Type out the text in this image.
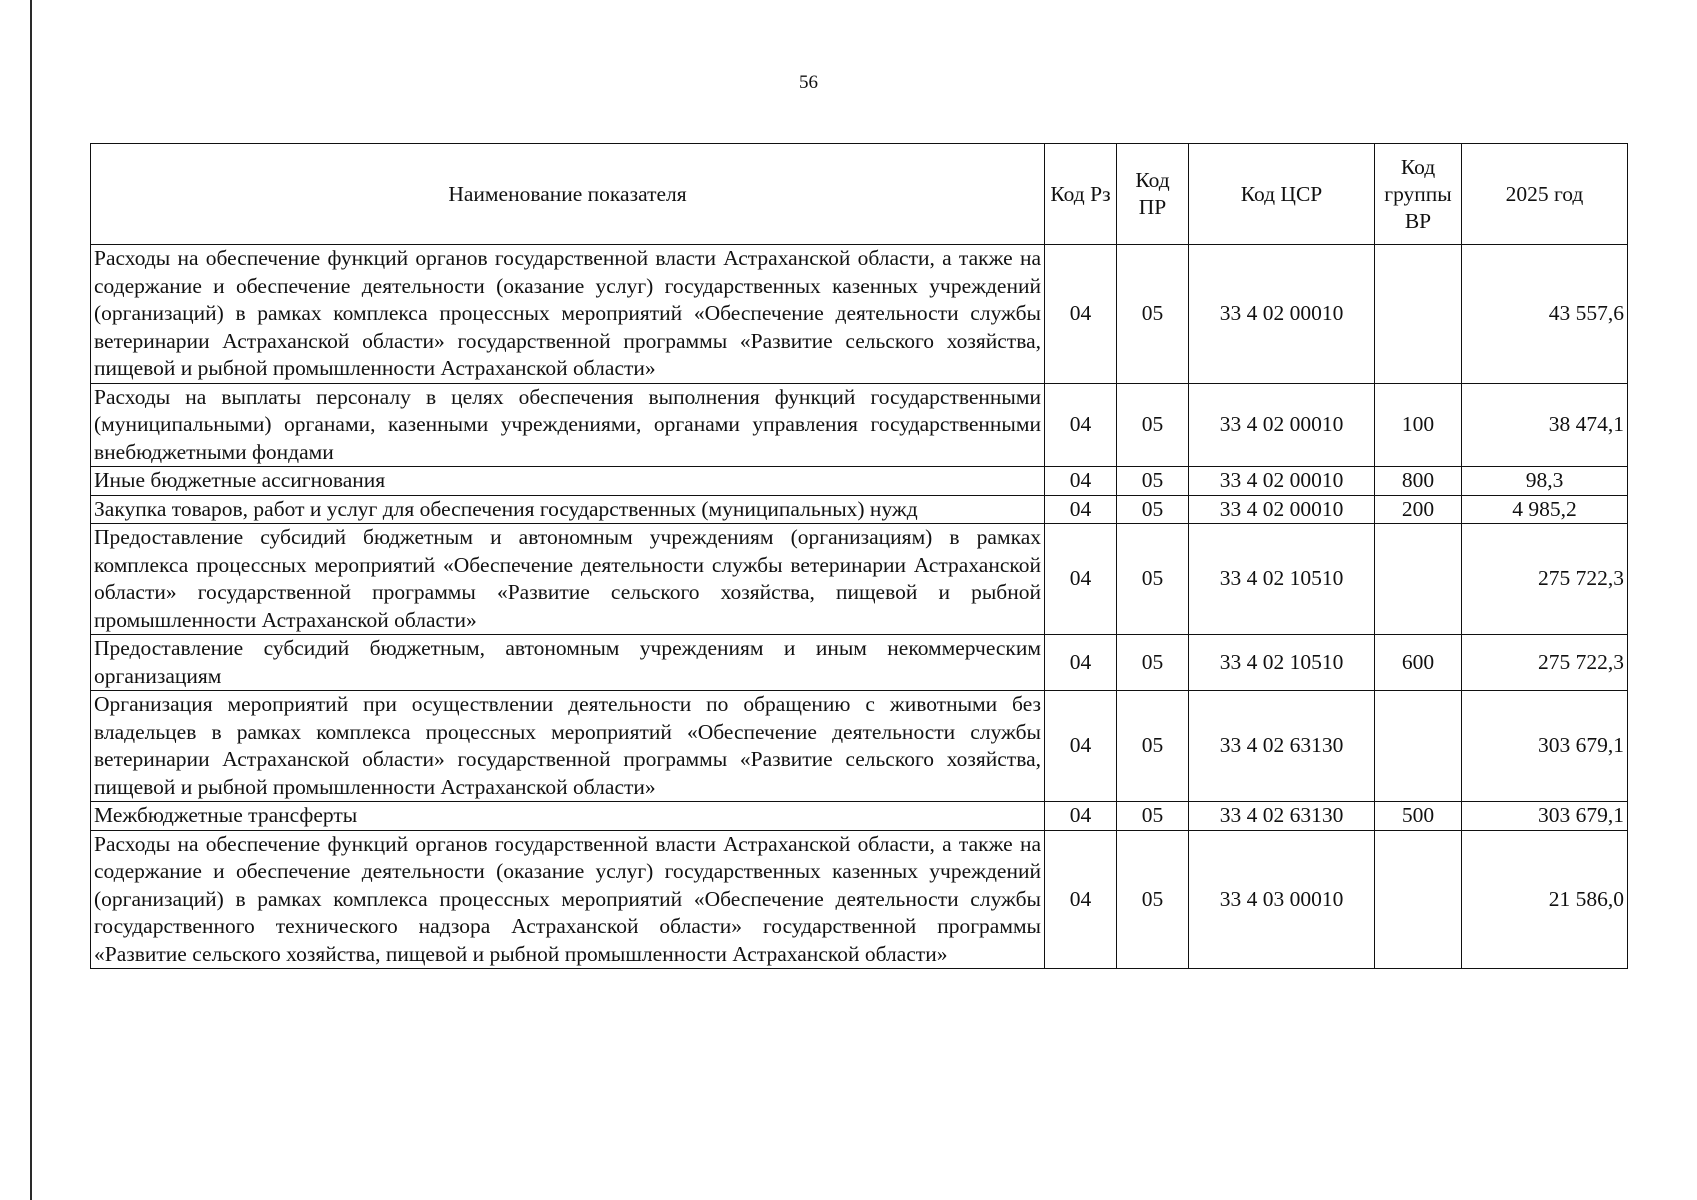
56
Наименование показателя	Код Рз	Код ПР	Код ЦСР	Код группы ВР	2025 год
Расходы на обеспечение функций органов государственной власти Астраханской области, а также на содержание и обеспечение деятельности (оказание услуг) государственных казенных учреждений (организаций) в рамках комплекса процессных мероприятий «Обеспечение деятельности службы ветеринарии Астраханской области» государственной программы «Развитие сельского хозяйства, пищевой и рыбной промышленности Астраханской области»	04	05	33 4 02 00010		43 557,6
Расходы на выплаты персоналу в целях обеспечения выполнения функций государственными (муниципальными) органами, казенными учреждениями, органами управления государственными внебюджетными фондами	04	05	33 4 02 00010	100	38 474,1
Иные бюджетные ассигнования	04	05	33 4 02 00010	800	98,3
Закупка товаров, работ и услуг для обеспечения государственных (муниципальных) нужд	04	05	33 4 02 00010	200	4 985,2
Предоставление субсидий бюджетным и автономным учреждениям (организациям) в рамках комплекса процессных мероприятий «Обеспечение деятельности службы ветеринарии Астраханской области» государственной программы «Развитие сельского хозяйства, пищевой и рыбной промышленности Астраханской области»	04	05	33 4 02 10510		275 722,3
Предоставление субсидий бюджетным, автономным учреждениям и иным некоммерческим организациям	04	05	33 4 02 10510	600	275 722,3
Организация мероприятий при осуществлении деятельности по обращению с животными без владельцев в рамках комплекса процессных мероприятий «Обеспечение деятельности службы ветеринарии Астраханской области» государственной программы «Развитие сельского хозяйства, пищевой и рыбной промышленности Астраханской области»	04	05	33 4 02 63130		303 679,1
Межбюджетные трансферты	04	05	33 4 02 63130	500	303 679,1
Расходы на обеспечение функций органов государственной власти Астраханской области, а также на содержание и обеспечение деятельности (оказание услуг) государственных казенных учреждений (организаций) в рамках комплекса процессных мероприятий «Обеспечение деятельности службы государственного технического надзора Астраханской области» государственной программы «Развитие сельского хозяйства, пищевой и рыбной промышленности Астраханской области»	04	05	33 4 03 00010		21 586,0
